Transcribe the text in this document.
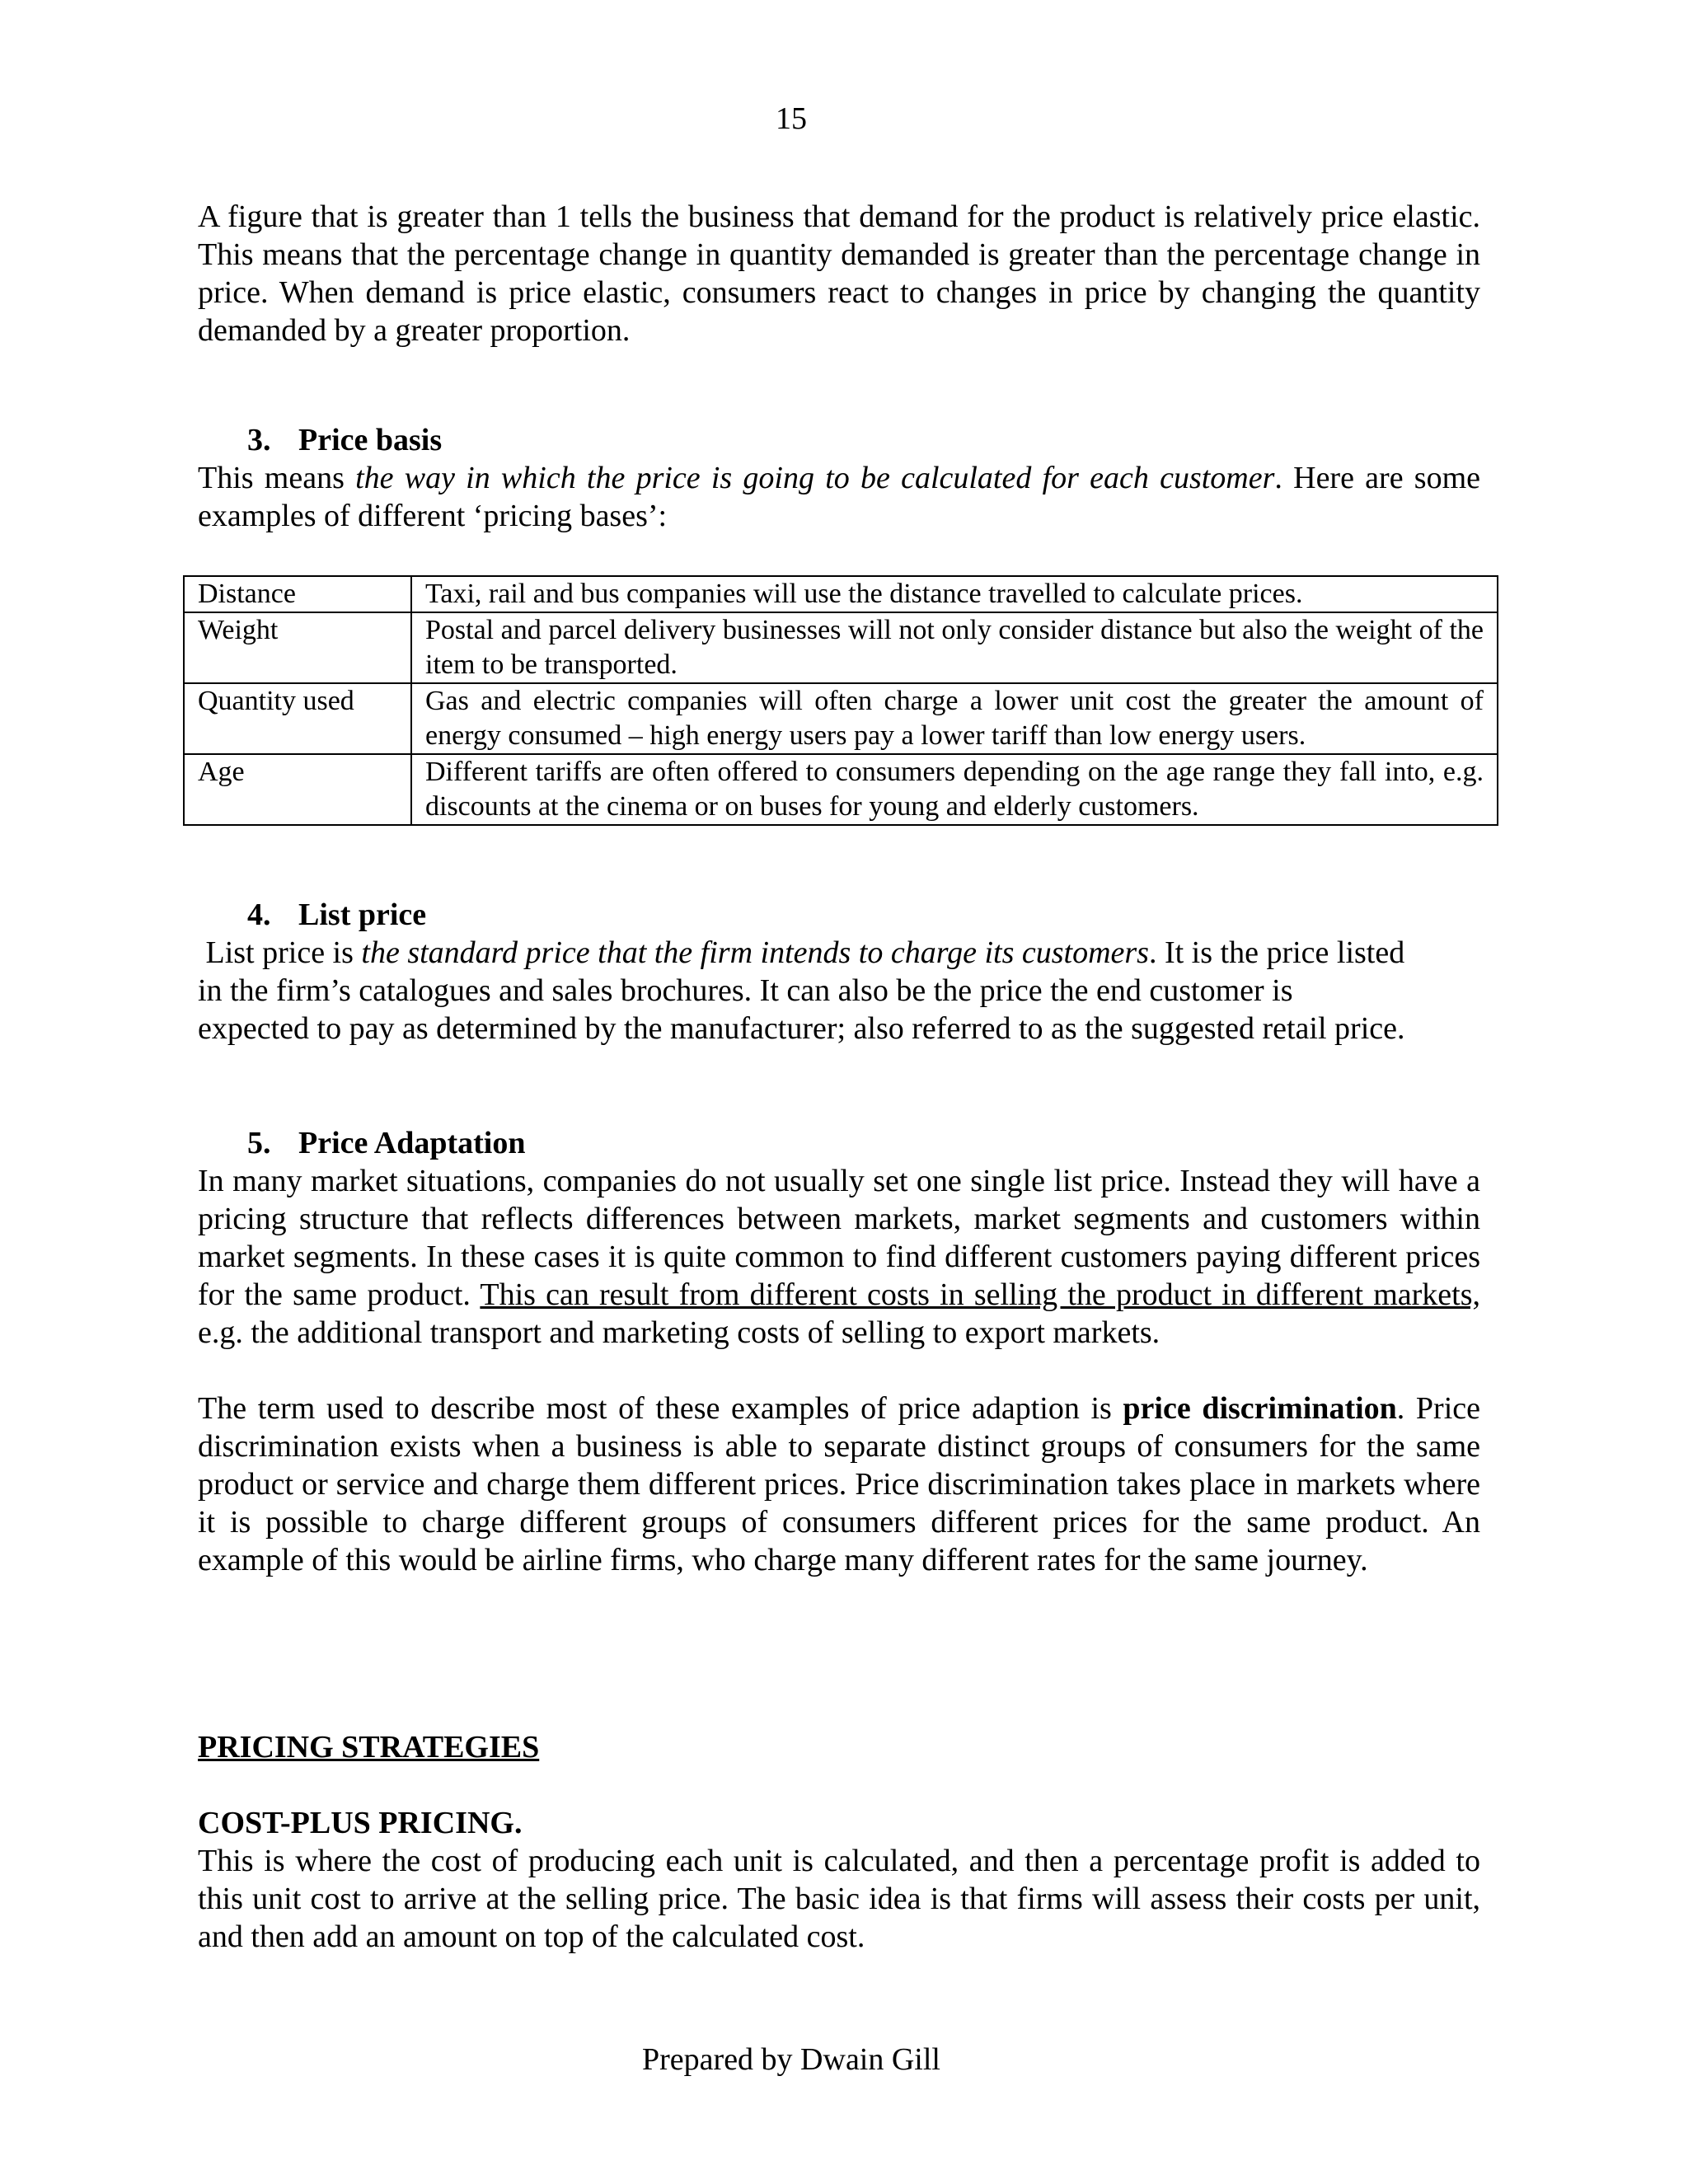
15

A figure that is greater than 1 tells the business that demand for the product is relatively price elastic. This means that the percentage change in quantity demanded is greater than the percentage change in price. When demand is price elastic, consumers react to changes in price by changing the quantity demanded by a greater proportion.

3. Price basis

This means the way in which the price is going to be calculated for each customer. Here are some examples of different ‘pricing bases’:

Distance	Taxi, rail and bus companies will use the distance travelled to calculate prices.
Weight	Postal and parcel delivery businesses will not only consider distance but also the weight of the item to be transported.
Quantity used	Gas and electric companies will often charge a lower unit cost the greater the amount of energy consumed – high energy users pay a lower tariff than low energy users.
Age	Different tariffs are often offered to consumers depending on the age range they fall into, e.g. discounts at the cinema or on buses for young and elderly customers.

4. List price

List price is the standard price that the firm intends to charge its customers. It is the price listed

in the firm’s catalogues and sales brochures. It can also be the price the end customer is

expected to pay as determined by the manufacturer; also referred to as the suggested retail price.

5. Price Adaptation

In many market situations, companies do not usually set one single list price. Instead they will have a pricing structure that reflects differences between markets, market segments and customers within market segments. In these cases it is quite common to find different customers paying different prices for the same product. This can result from different costs in selling the product in different markets, e.g. the additional transport and marketing costs of selling to export markets.

The term used to describe most of these examples of price adaption is price discrimination. Price discrimination exists when a business is able to separate distinct groups of consumers for the same product or service and charge them different prices. Price discrimination takes place in markets where it is possible to charge different groups of consumers different prices for the same product. An example of this would be airline firms, who charge many different rates for the same journey.

PRICING STRATEGIES

COST-PLUS PRICING.

This is where the cost of producing each unit is calculated, and then a percentage profit is added to this unit cost to arrive at the selling price. The basic idea is that firms will assess their costs per unit, and then add an amount on top of the calculated cost.

Prepared by Dwain Gill
